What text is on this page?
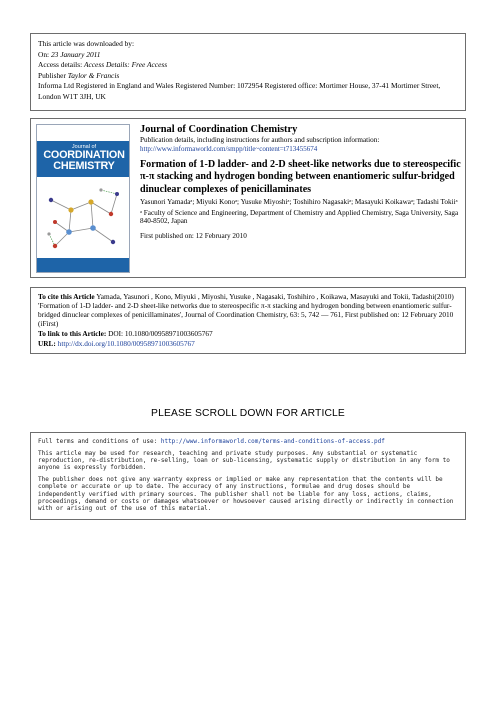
This article was downloaded by:
On: 23 January 2011
Access details: Access Details: Free Access
Publisher Taylor & Francis
Informa Ltd Registered in England and Wales Registered Number: 1072954 Registered office: Mortimer House, 37-41 Mortimer Street, London W1T 3JH, UK
Journal of
COORDINATION
CHEMISTRY
Journal of Coordination Chemistry
Publication details, including instructions for authors and subscription information:
http://www.informaworld.com/smpp/title~content=t713455674
Formation of 1-D ladder- and 2-D sheet-like networks due to stereospecific π-π stacking and hydrogen bonding between enantiomeric sulfur-bridged dinuclear complexes of penicillaminates
Yasunori Yamadaᵃ; Miyuki Konoᵃ; Yusuke Miyoshiᵃ; Toshihiro Nagasakiᵃ; Masayuki Koikawaᵃ; Tadashi Tokiiᵃ
ᵃ Faculty of Science and Engineering, Department of Chemistry and Applied Chemistry, Saga University, Saga 840-8502, Japan
First published on: 12 February 2010
To cite this Article Yamada, Yasunori , Kono, Miyuki , Miyoshi, Yusuke , Nagasaki, Toshihiro , Koikawa, Masayuki and Tokii, Tadashi(2010) 'Formation of 1-D ladder- and 2-D sheet-like networks due to stereospecific π-π stacking and hydrogen bonding between enantiomeric sulfur-bridged dinuclear complexes of penicillaminates', Journal of Coordination Chemistry, 63: 5, 742 — 761, First published on: 12 February 2010 (iFirst)
To link to this Article: DOI: 10.1080/00958971003605767
URL: http://dx.doi.org/10.1080/00958971003605767
PLEASE SCROLL DOWN FOR ARTICLE

Full terms and conditions of use: http://www.informaworld.com/terms-and-conditions-of-access.pdf

This article may be used for research, teaching and private study purposes. Any substantial or systematic reproduction, re-distribution, re-selling, loan or sub-licensing, systematic supply or distribution in any form to anyone is expressly forbidden.

The publisher does not give any warranty express or implied or make any representation that the contents will be complete or accurate or up to date. The accuracy of any instructions, formulae and drug doses should be independently verified with primary sources. The publisher shall not be liable for any loss, actions, claims, proceedings, demand or costs or damages whatsoever or howsoever caused arising directly or indirectly in connection with or arising out of the use of this material.
